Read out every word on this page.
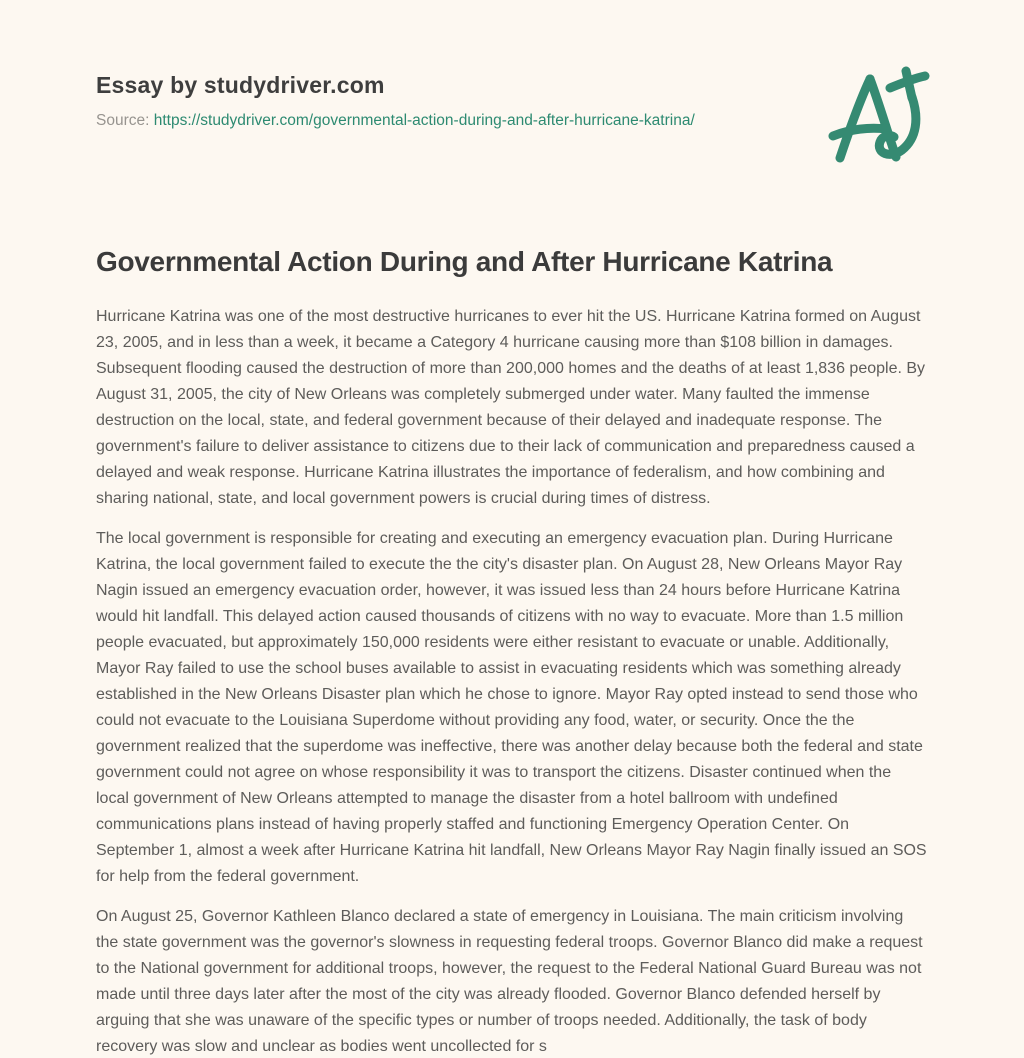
Essay by studydriver.com
Source: https://studydriver.com/governmental-action-during-and-after-hurricane-katrina/
Governmental Action During and After Hurricane Katrina

Hurricane Katrina was one of the most destructive hurricanes to ever hit the US. Hurricane Katrina formed on August 23, 2005, and in less than a week, it became a Category 4 hurricane causing more than $108 billion in damages. Subsequent flooding caused the destruction of more than 200,000 homes and the deaths of at least 1,836 people. By August 31, 2005, the city of New Orleans was completely submerged under water. Many faulted the immense destruction on the local, state, and federal government because of their delayed and inadequate response. The government's failure to deliver assistance to citizens due to their lack of communication and preparedness caused a delayed and weak response. Hurricane Katrina illustrates the importance of federalism, and how combining and sharing national, state, and local government powers is crucial during times of distress.

The local government is responsible for creating and executing an emergency evacuation plan. During Hurricane Katrina, the local government failed to execute the the city's disaster plan. On August 28, New Orleans Mayor Ray Nagin issued an emergency evacuation order, however, it was issued less than 24 hours before Hurricane Katrina would hit landfall. This delayed action caused thousands of citizens with no way to evacuate. More than 1.5 million people evacuated, but approximately 150,000 residents were either resistant to evacuate or unable. Additionally, Mayor Ray failed to use the school buses available to assist in evacuating residents which was something already established in the New Orleans Disaster plan which he chose to ignore. Mayor Ray opted instead to send those who could not evacuate to the Louisiana Superdome without providing any food, water, or security. Once the the government realized that the superdome was ineffective, there was another delay because both the federal and state government could not agree on whose responsibility it was to transport the citizens. Disaster continued when the local government of New Orleans attempted to manage the disaster from a hotel ballroom with undefined communications plans instead of having properly staffed and functioning Emergency Operation Center. On September 1, almost a week after Hurricane Katrina hit landfall, New Orleans Mayor Ray Nagin finally issued an SOS for help from the federal government.

On August 25, Governor Kathleen Blanco declared a state of emergency in Louisiana. The main criticism involving the state government was the governor's slowness in requesting federal troops. Governor Blanco did make a request to the National government for additional troops, however, the request to the Federal National Guard Bureau was not made until three days later after the most of the city was already flooded. Governor Blanco defended herself by arguing that she was unaware of the specific types or number of troops needed. Additionally, the task of body recovery was slow and unclear as bodies went uncollected for s
